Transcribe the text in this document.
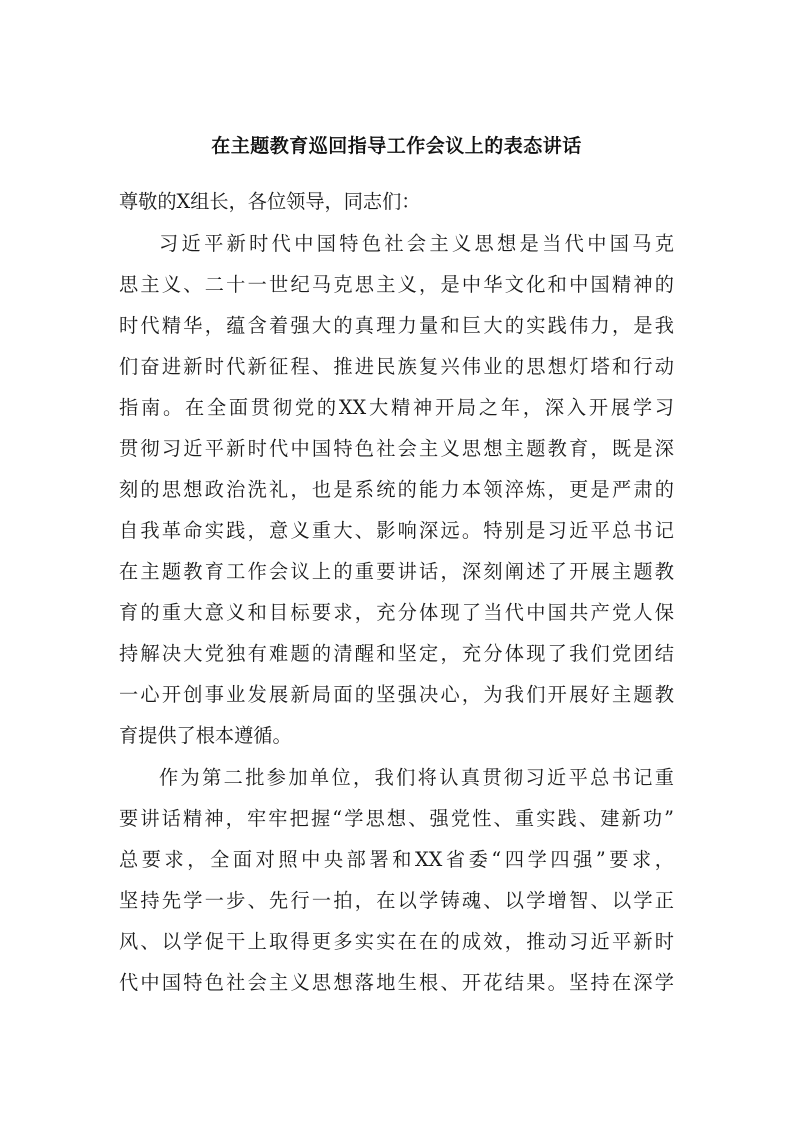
在主题教育巡回指导工作会议上的表态讲话
尊敬的X组长，各位领导，同志们：
习近平新时代中国特色社会主义思想是当代中国马克
思主义、二十一世纪马克思主义，是中华文化和中国精神的
时代精华，蕴含着强大的真理力量和巨大的实践伟力，是我
们奋进新时代新征程、推进民族复兴伟业的思想灯塔和行动
指南。在全面贯彻党的XX大精神开局之年，深入开展学习
贯彻习近平新时代中国特色社会主义思想主题教育，既是深
刻的思想政治洗礼，也是系统的能力本领淬炼，更是严肃的
自我革命实践，意义重大、影响深远。特别是习近平总书记
在主题教育工作会议上的重要讲话，深刻阐述了开展主题教
育的重大意义和目标要求，充分体现了当代中国共产党人保
持解决大党独有难题的清醒和坚定，充分体现了我们党团结
一心开创事业发展新局面的坚强决心，为我们开展好主题教
育提供了根本遵循。
作为第二批参加单位，我们将认真贯彻习近平总书记重
要讲话精神，牢牢把握“学思想、强党性、重实践、建新功”
总要求，全面对照中央部署和XX省委“四学四强”要求，
坚持先学一步、先行一拍，在以学铸魂、以学增智、以学正
风、以学促干上取得更多实实在在的成效，推动习近平新时
代中国特色社会主义思想落地生根、开花结果。坚持在深学
